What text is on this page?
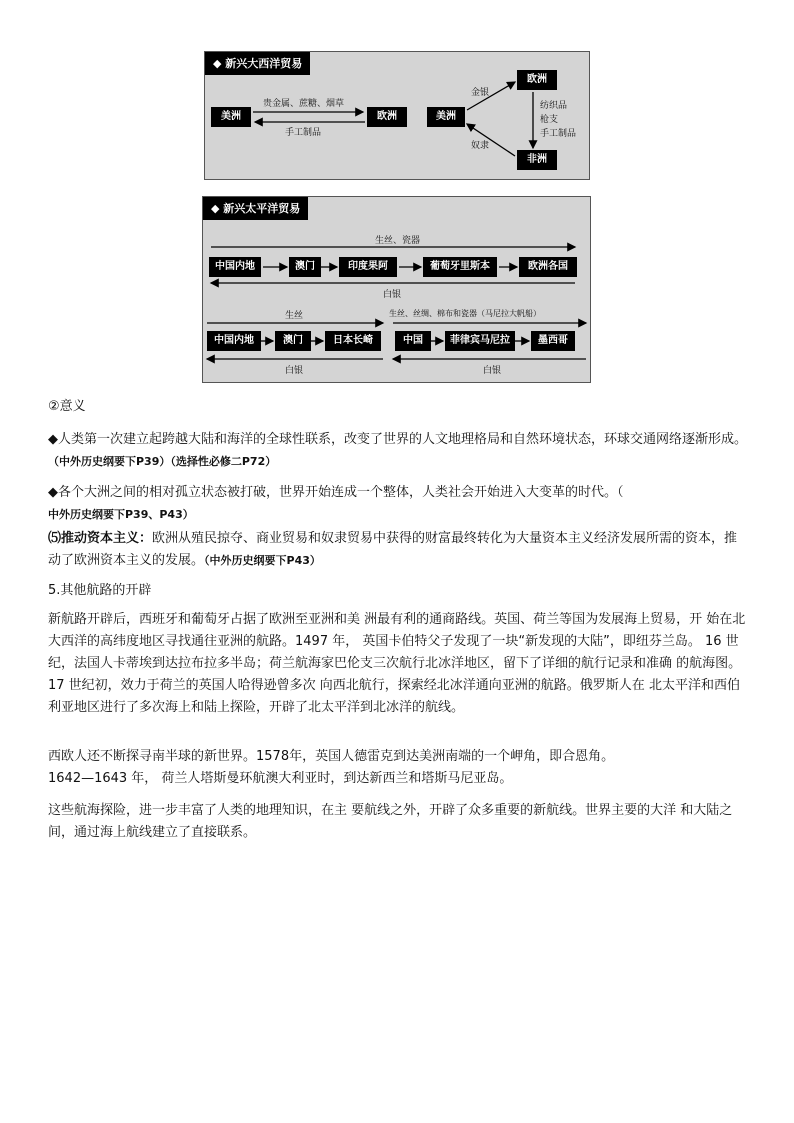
◆ 新兴大西洋贸易
美洲	欧洲
贵金属、蔗糖、烟草
手工制品
美洲
欧洲
非洲
金银
奴隶
纺织品
枪支
手工制品
◆ 新兴太平洋贸易
生丝、瓷器
中国内地	澳门	印度果阿	葡萄牙里斯本	欧洲各国
白银
生丝
中国内地	澳门	日本长崎
白银
生丝、丝绸、棉布和瓷器（马尼拉大帆船）
中国	菲律宾马尼拉	墨西哥
白银
②意义
◆人类第一次建立起跨越大陆和海洋的全球性联系，改变了世界的人文地理格局和自然环境状态，环球交通网络逐渐形成。（中外历史纲要下P39）（选择性必修二P72）
◆各个大洲之间的相对孤立状态被打破，世界开始连成一个整体，人类社会开始进入大变革的时代。（
中外历史纲要下P39、P43）
⑸推动资本主义：欧洲从殖民掠夺、商业贸易和奴隶贸易中获得的财富最终转化为大量资本主义经济发展所需的资本，推动了欧洲资本主义的发展。（中外历史纲要下P43）
5.其他航路的开辟
新航路开辟后，西班牙和葡萄牙占据了欧洲至亚洲和美 洲最有利的通商路线。英国、荷兰等国为发展海上贸易，开 始在北大西洋的高纬度地区寻找通往亚洲的航路。1497 年， 英国卡伯特父子发现了一块“新发现的大陆”，即纽芬兰岛。 16 世纪，法国人卡蒂埃到达拉布拉多半岛；荷兰航海家巴伦支三次航行北冰洋地区，留下了详细的航行记录和准确 的航海图。17 世纪初，效力于荷兰的英国人哈得逊曾多次 向西北航行，探索经北冰洋通向亚洲的航路。俄罗斯人在 北太平洋和西伯利亚地区进行了多次海上和陆上探险，开辟了北太平洋到北冰洋的航线。
西欧人还不断探寻南半球的新世界。1578年，英国人德雷克到达美洲南端的一个岬角，即合恩角。
1642—1643 年， 荷兰人塔斯曼环航澳大利亚时，到达新西兰和塔斯马尼亚岛。
这些航海探险，进一步丰富了人类的地理知识，在主 要航线之外，开辟了众多重要的新航线。世界主要的大洋 和大陆之间，通过海上航线建立了直接联系。
